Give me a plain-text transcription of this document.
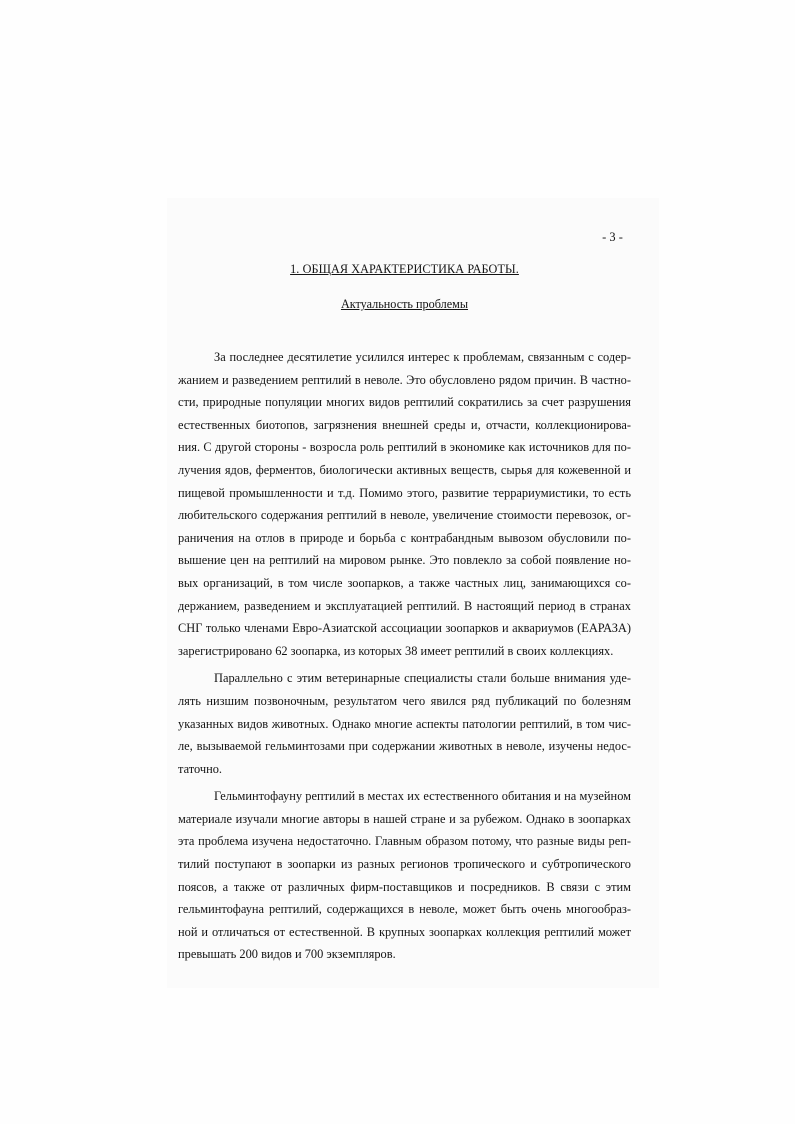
- 3 -
1. ОБЩАЯ ХАРАКТЕРИСТИКА РАБОТЫ.
Актуальность проблемы
За последнее десятилетие усилился интерес к проблемам, связанным с содер-
жанием и разведением рептилий в неволе. Это обусловлено рядом причин. В частно-
сти, природные популяции многих видов рептилий сократились за счет разрушения
естественных биотопов, загрязнения внешней среды и, отчасти, коллекционирова-
ния. С другой стороны - возросла роль рептилий в экономике как источников для по-
лучения ядов, ферментов, биологически активных веществ, сырья для кожевенной и
пищевой промышленности и т.д. Помимо этого, развитие террариумистики, то есть
любительского содержания рептилий в неволе, увеличение стоимости перевозок, ог-
раничения на отлов в природе и борьба с контрабандным вывозом обусловили по-
вышение цен на рептилий на мировом рынке. Это повлекло за собой появление но-
вых организаций, в том числе зоопарков, а также частных лиц, занимающихся со-
держанием, разведением и эксплуатацией рептилий. В настоящий период в странах
СНГ только членами Евро-Азиатской ассоциации зоопарков и аквариумов (ЕАРАЗА)
зарегистрировано 62 зоопарка, из которых 38 имеет рептилий в своих коллекциях.
Параллельно с этим ветеринарные специалисты стали больше внимания уде-
лять низшим позвоночным, результатом чего явился ряд публикаций по болезням
указанных видов животных. Однако многие аспекты патологии рептилий, в том чис-
ле, вызываемой гельминтозами при содержании животных в неволе, изучены недос-
таточно.
Гельминтофауну рептилий в местах их естественного обитания и на музейном
материале изучали многие авторы в нашей стране и за рубежом. Однако в зоопарках
эта проблема изучена недостаточно. Главным образом потому, что разные виды реп-
тилий поступают в зоопарки из разных регионов тропического и субтропического
поясов, а также от различных фирм-поставщиков и посредников. В связи с этим
гельминтофауна рептилий, содержащихся в неволе, может быть очень многообраз-
ной и отличаться от естественной. В крупных зоопарках коллекция рептилий может
превышать 200 видов и 700 экземпляров.
